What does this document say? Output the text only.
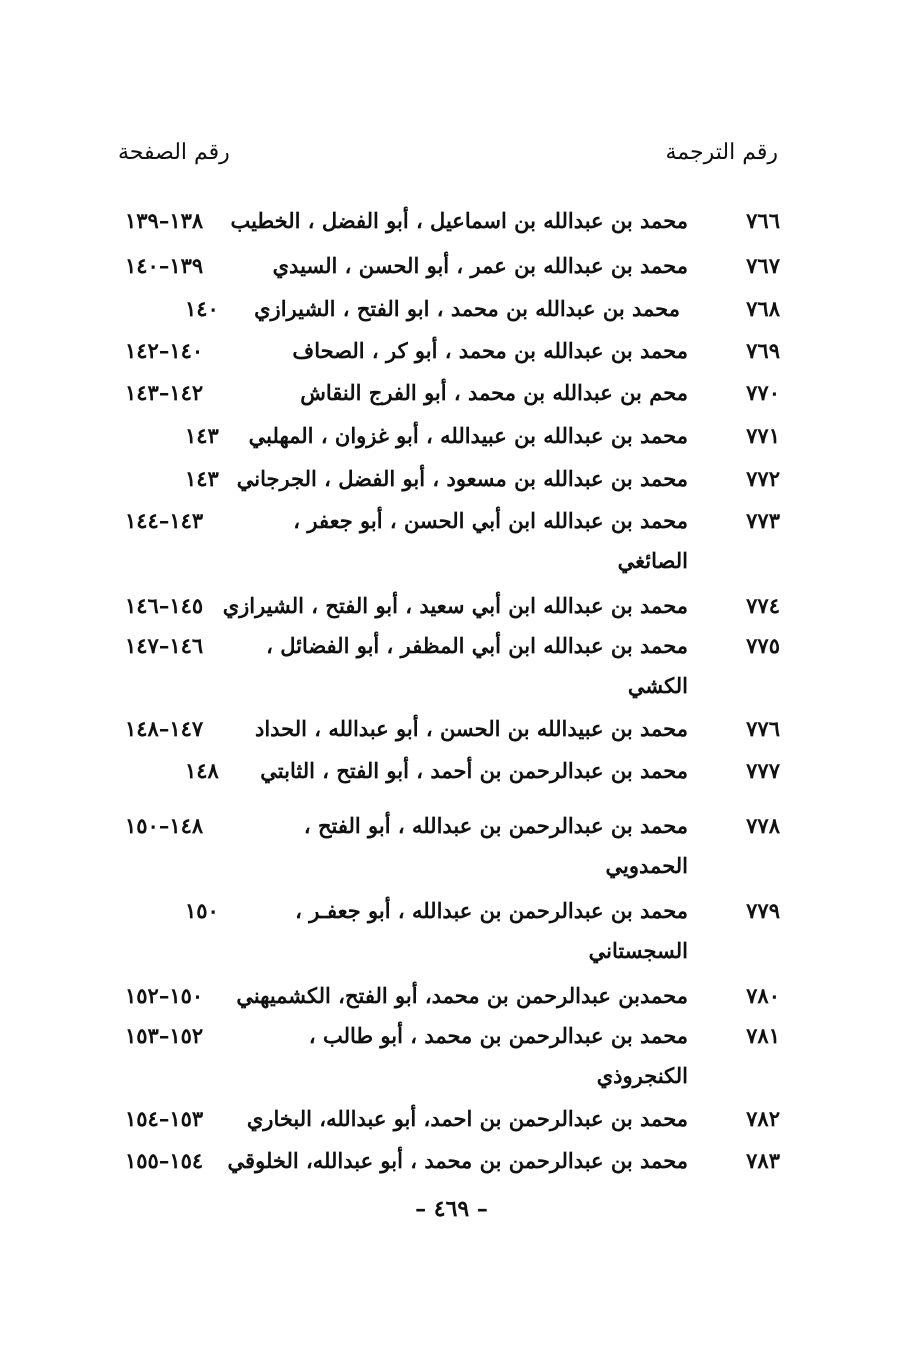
رقم الترجمة
رقم الصفحة
٧٦٦
محمد بن عبدالله بن اسماعيل ، أبو الفضل ، الخطيب
١٣٨–١٣٩
٧٦٧
محمد بن عبدالله بن عمر ، أبو الحسن ، السيدي
١٣٩–١٤٠
٧٦٨
محمد بن عبدالله بن محمد ، ابو الفتح ، الشيرازي
١٤٠
٧٦٩
محمد بن عبدالله بن محمد ، أبو كر ، الصحاف
١٤٠–١٤٢
٧٧٠
محم بن عبدالله بن محمد ، أبو الفرج النقاش
١٤٢–١٤٣
٧٧١
محمد بن عبدالله بن عبيدالله ، أبو غزوان ، المهلبي
١٤٣
٧٧٢
محمد بن عبدالله بن مسعود ، أبو الفضل ، الجرجاني
١٤٣
٧٧٣
محمد بن عبدالله ابن أبي الحسن ، أبو جعفر ،
الصائغي
١٤٣–١٤٤
٧٧٤
محمد بن عبدالله ابن أبي سعيد ، أبو الفتح ، الشيرازي
١٤٥–١٤٦
٧٧٥
محمد بن عبدالله ابن أبي المظفر ، أبو الفضائل ،
الكشي
١٤٦–١٤٧
٧٧٦
محمد بن عبيدالله بن الحسن ، أبو عبدالله ، الحداد
١٤٧–١٤٨
٧٧٧
محمد بن عبدالرحمن بن أحمد ، أبو الفتح ، الثابتي
١٤٨
٧٧٨
محمد بن عبدالرحمن بن عبدالله ، أبو الفتح ،
الحمدويي
١٤٨–١٥٠
٧٧٩
محمد بن عبدالرحمن بن عبدالله ، أبو جعفـر ،
السجستاني
١٥٠
٧٨٠
محمدبن عبدالرحمن بن محمد، أبو الفتح، الكشميهني
١٥٠–١٥٢
٧٨١
محمد بن عبدالرحمن بن محمد ، أبو طالب ،
الكنجروذي
١٥٢–١٥٣
٧٨٢
محمد بن عبدالرحمن بن احمد، أبو عبدالله، البخاري
١٥٣–١٥٤
٧٨٣
محمد بن عبدالرحمن بن محمد ، أبو عبدالله، الخلوقي
١٥٤–١٥٥
– ٤٦٩ –
